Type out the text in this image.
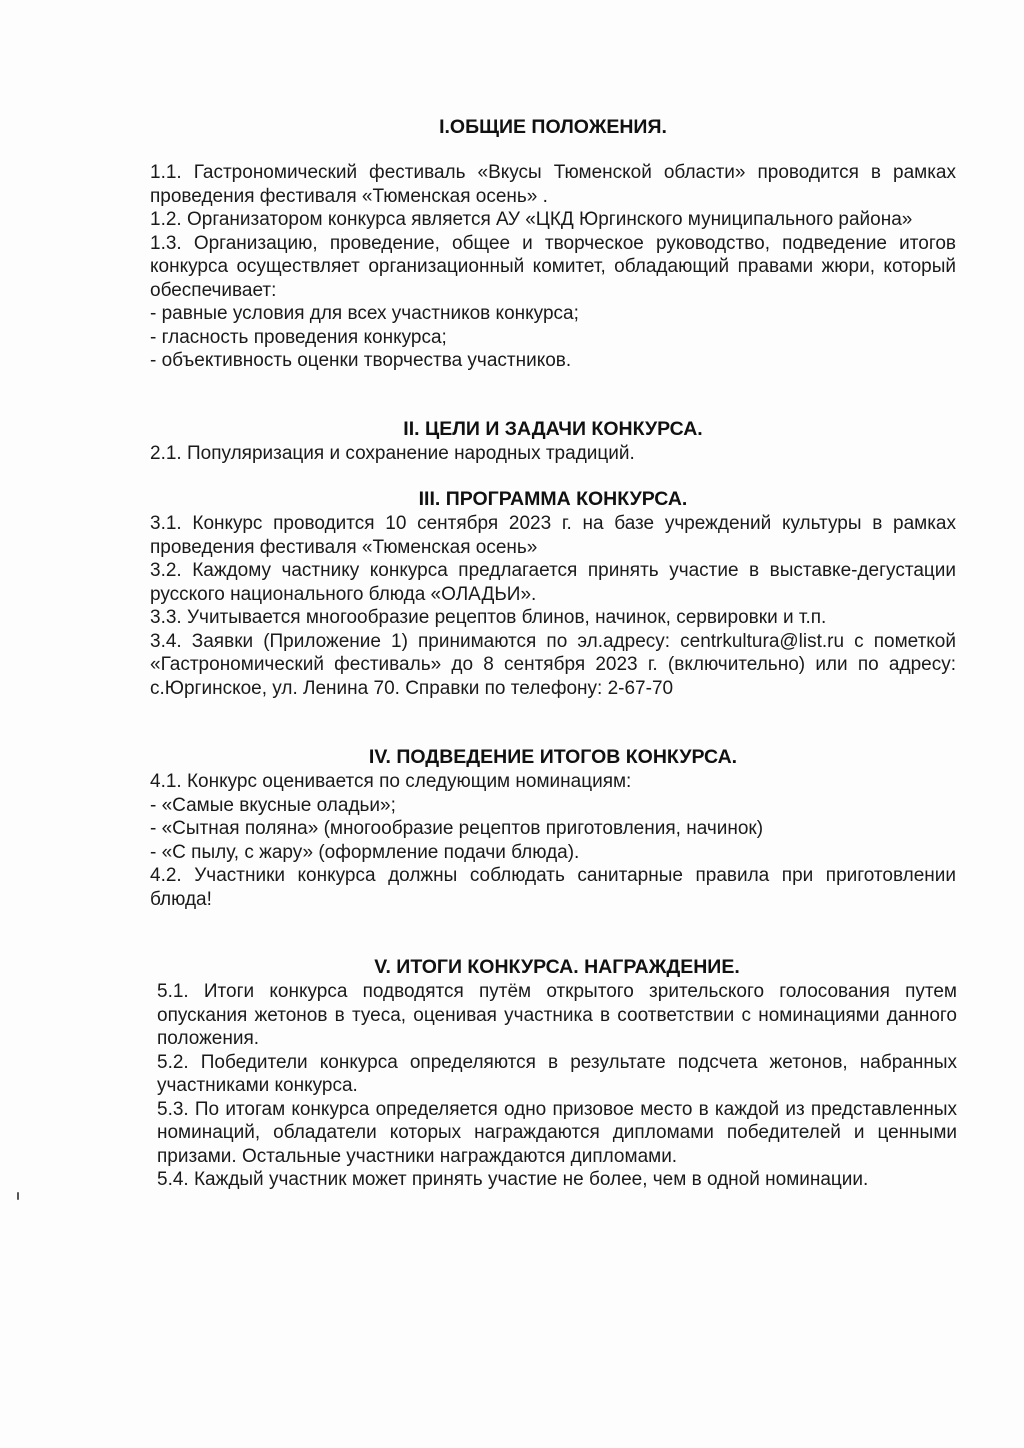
I.ОБЩИЕ ПОЛОЖЕНИЯ.

1.1. Гастрономический фестиваль «Вкусы Тюменской области» проводится в рамках проведения фестиваля «Тюменская осень» .

1.2. Организатором конкурса является АУ «ЦКД Юргинского муниципального района»

1.3. Организацию, проведение, общее и творческое руководство, подведение итогов конкурса осуществляет организационный комитет, обладающий правами жюри, который обеспечивает:

- равные условия для всех участников конкурса;

- гласность проведения конкурса;

- объективность оценки творчества участников.

II. ЦЕЛИ И ЗАДАЧИ КОНКУРСА.

2.1. Популяризация и сохранение народных традиций.

III. ПРОГРАММА КОНКУРСА.

3.1. Конкурс проводится 10 сентября 2023 г. на базе учреждений культуры в рамках проведения фестиваля «Тюменская осень»

3.2. Каждому частнику конкурса предлагается принять участие в выставке-дегустации русского национального блюда «ОЛАДЬИ».

3.3. Учитывается многообразие рецептов блинов, начинок, сервировки и т.п.

3.4. Заявки (Приложение 1) принимаются по эл.адресу: centrkultura@list.ru с пометкой «Гастрономический фестиваль» до 8 сентября 2023 г. (включительно) или по адресу: с.Юргинское, ул. Ленина 70. Справки по телефону: 2-67-70

IV. ПОДВЕДЕНИЕ ИТОГОВ КОНКУРСА.

4.1. Конкурс оценивается по следующим номинациям:

- «Самые вкусные оладьи»;

- «Сытная поляна» (многообразие рецептов приготовления, начинок)

- «С пылу, с жару» (оформление подачи блюда).

4.2. Участники конкурса должны соблюдать санитарные правила при приготовлении блюда!

V. ИТОГИ КОНКУРСА. НАГРАЖДЕНИЕ.

5.1. Итоги конкурса подводятся путём открытого зрительского голосования путем опускания жетонов в туеса, оценивая участника в соответствии с номинациями данного положения.

5.2. Победители конкурса определяются в результате подсчета жетонов, набранных участниками конкурса.

5.3. По итогам конкурса определяется одно призовое место в каждой из представленных номинаций, обладатели которых награждаются дипломами победителей и ценными призами. Остальные участники награждаются дипломами.

5.4. Каждый участник может принять участие не более, чем в одной номинации.
